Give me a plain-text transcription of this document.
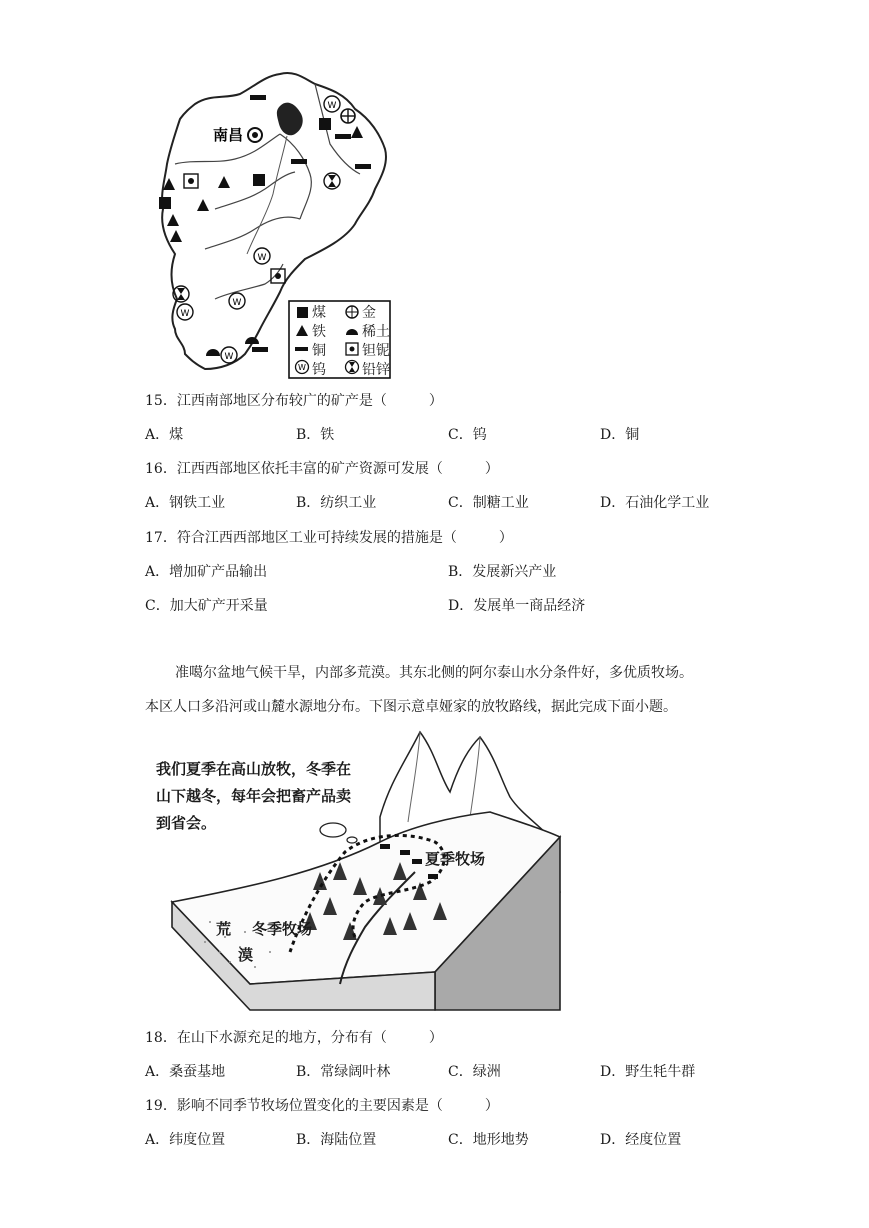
南昌
W
W
W
W
W
W
煤	金
铁	稀土
铜	钽铌
钨	铅锌
15．江西南部地区分布较广的矿产是（　　　）
A．煤	B．铁	C．钨	D．铜
16．江西西部地区依托丰富的矿产资源可发展（　　　）
A．钢铁工业	B．纺织工业	C．制糖工业	D．石油化学工业
17．符合江西西部地区工业可持续发展的措施是（　　　）
A．增加矿产品输出	B．发展新兴产业
C．加大矿产开采量	D．发展单一商品经济
准噶尔盆地气候干旱，内部多荒漠。其东北侧的阿尔泰山水分条件好，多优质牧场。
本区人口多沿河或山麓水源地分布。下图示意卓娅家的放牧路线，据此完成下面小题。
我们夏季在高山放牧，冬季在
山下越冬，每年会把畜产品卖
到省会。
夏季牧场
冬季牧场
荒
漠
18．在山下水源充足的地方，分布有（　　　）
A．桑蚕基地	B．常绿阔叶林	C．绿洲	D．野生牦牛群
19．影响不同季节牧场位置变化的主要因素是（　　　）
A．纬度位置	B．海陆位置	C．地形地势	D．经度位置
